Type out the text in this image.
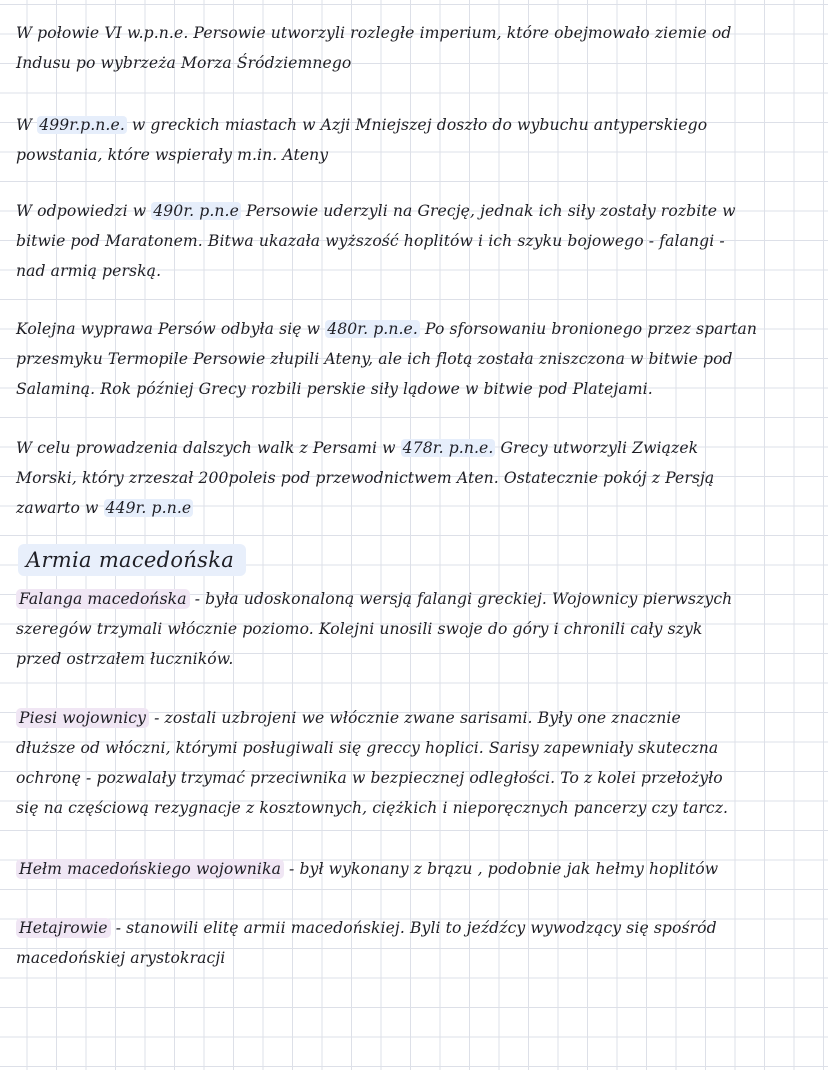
W połowie VI w.p.n.e. Persowie utworzyli rozległe imperium, które obejmowało ziemie od
Indusu po wybrzeża Morza Śródziemnego

W 499r.p.n.e. w greckich miastach w Azji Mniejszej doszło do wybuchu antyperskiego
powstania, które wspierały m.in. Ateny

W odpowiedzi w 490r. p.n.e Persowie uderzyli na Grecję, jednak ich siły zostały rozbite w
bitwie pod Maratonem. Bitwa ukazała wyższość hoplitów i ich szyku bojowego - falangi -
nad armią perską.

Kolejna wyprawa Persów odbyła się w 480r. p.n.e. Po sforsowaniu bronionego przez spartan
przesmyku Termopile Persowie złupili Ateny, ale ich flotą została zniszczona w bitwie pod
Salaminą. Rok później Grecy rozbili perskie siły lądowe w bitwie pod Platejami.

W celu prowadzenia dalszych walk z Persami w 478r. p.n.e. Grecy utworzyli Związek
Morski, który zrzeszał 200poleis pod przewodnictwem Aten. Ostatecznie pokój z Persją
zawarto w 449r. p.n.e

Armia macedońska

Falanga macedońska - była udoskonaloną wersją falangi greckiej. Wojownicy pierwszych
szeregów trzymali włócznie poziomo. Kolejni unosili swoje do góry i chronili cały szyk
przed ostrzałem łuczników.

Piesi wojownicy - zostali uzbrojeni we włócznie zwane sarisami. Były one znacznie
dłuższe od włóczni, którymi posługiwali się greccy hoplici. Sarisy zapewniały skuteczna
ochronę - pozwalały trzymać przeciwnika w bezpiecznej odległości. To z kolei przełożyło
się na częściową rezygnacje z kosztownych, ciężkich i nieporęcznych pancerzy czy tarcz.

Hełm macedońskiego wojownika - był wykonany z brązu , podobnie jak hełmy hoplitów

Hetajrowie - stanowili elitę armii macedońskiej. Byli to jeźdźcy wywodzący się spośród
macedońskiej arystokracji
